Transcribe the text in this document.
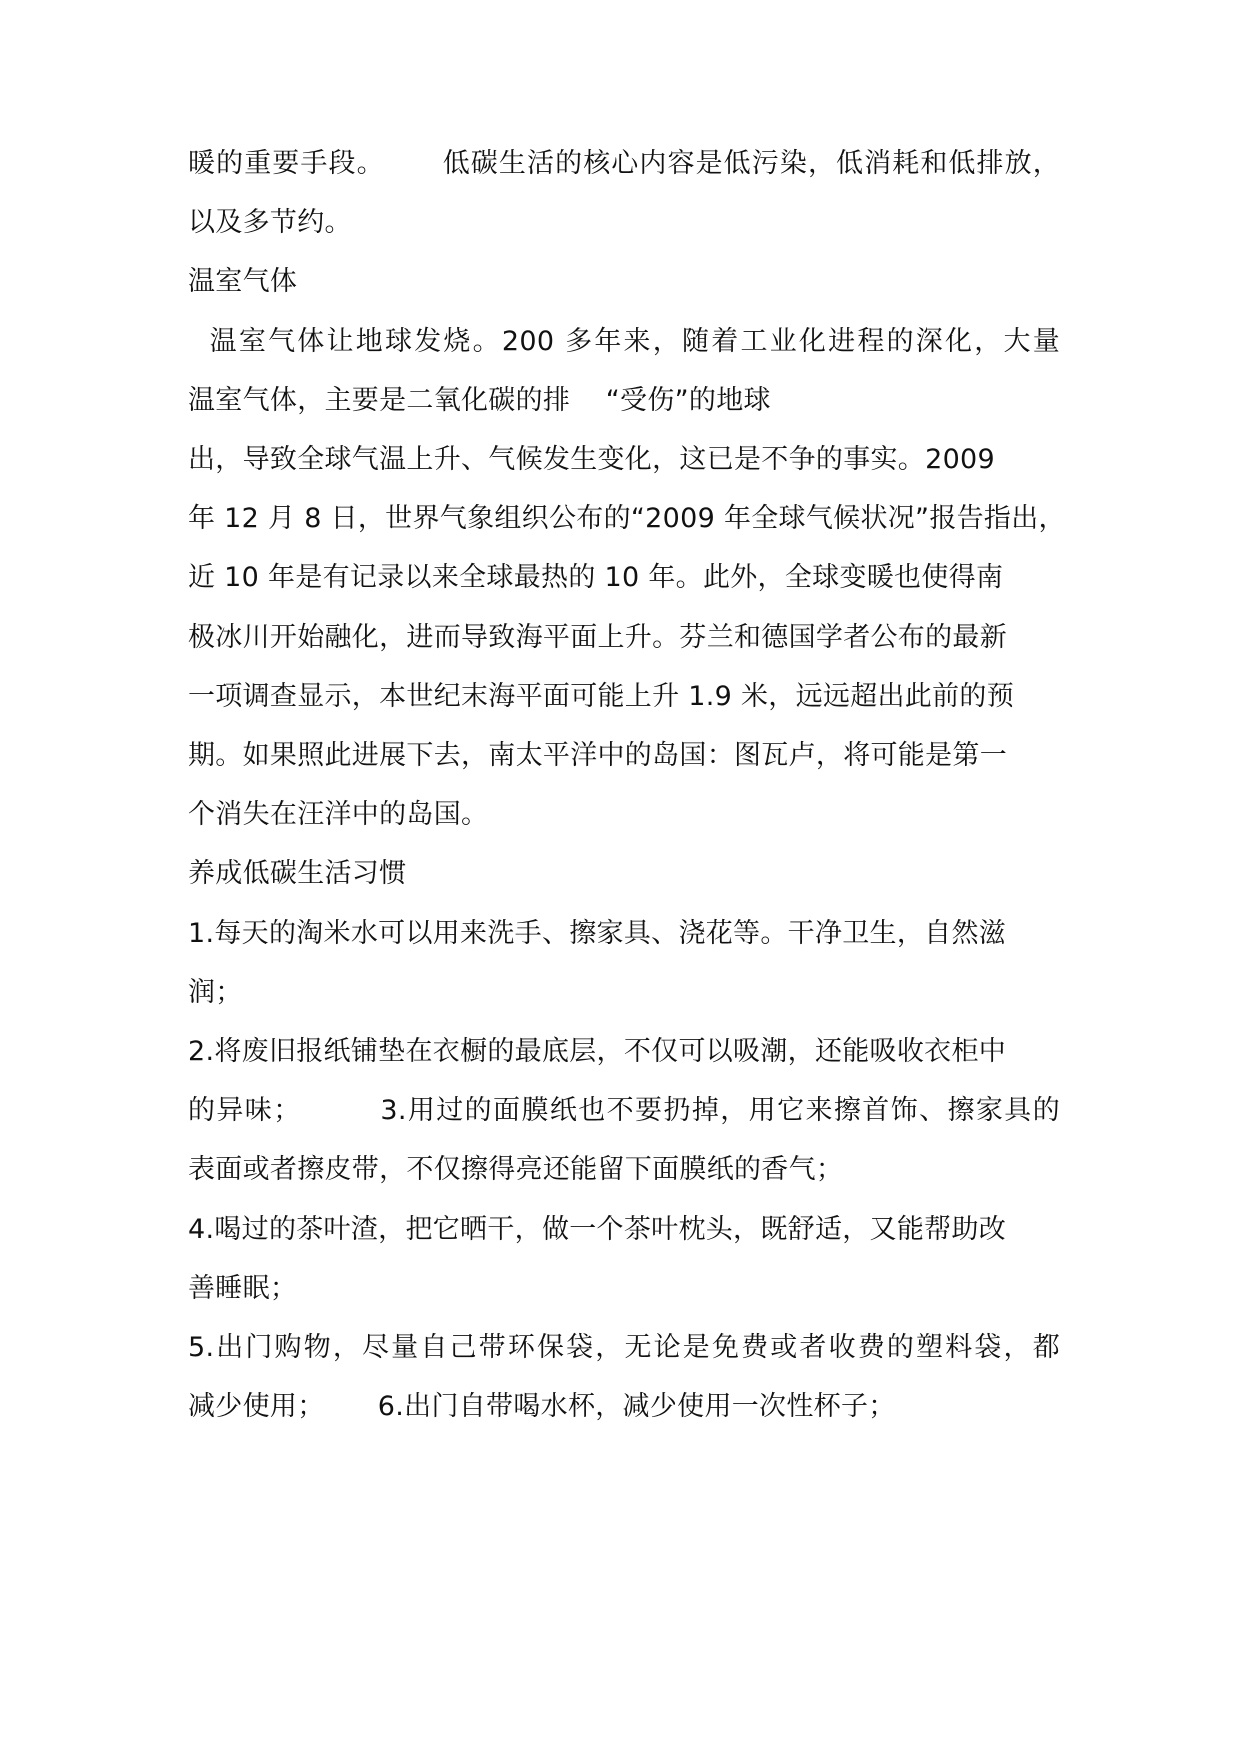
暖的重要手段。      低碳生活的核心内容是低污染，低消耗和低排放，
以及多节约。
温室气体
温室气体让地球发烧。200 多年来，随着工业化进程的深化，大量
温室气体，主要是二氧化碳的排    “受伤”的地球
出，导致全球气温上升、气候发生变化，这已是不争的事实。2009
年 12 月 8 日，世界气象组织公布的“2009 年全球气候状况”报告指出，
近 10 年是有记录以来全球最热的 10 年。此外，全球变暖也使得南
极冰川开始融化，进而导致海平面上升。芬兰和德国学者公布的最新
一项调查显示，本世纪末海平面可能上升 1.9 米，远远超出此前的预
期。如果照此进展下去，南太平洋中的岛国：图瓦卢，将可能是第一
个消失在汪洋中的岛国。
养成低碳生活习惯
1.每天的淘米水可以用来洗手、擦家具、浇花等。干净卫生，自然滋
润；
2.将废旧报纸铺垫在衣橱的最底层，不仅可以吸潮，还能吸收衣柜中
的异味；        3.用过的面膜纸也不要扔掉，用它来擦首饰、擦家具的
表面或者擦皮带，不仅擦得亮还能留下面膜纸的香气；
4.喝过的茶叶渣，把它晒干，做一个茶叶枕头，既舒适，又能帮助改
善睡眠；
5.出门购物，尽量自己带环保袋，无论是免费或者收费的塑料袋，都
减少使用；      6.出门自带喝水杯，减少使用一次性杯子；
